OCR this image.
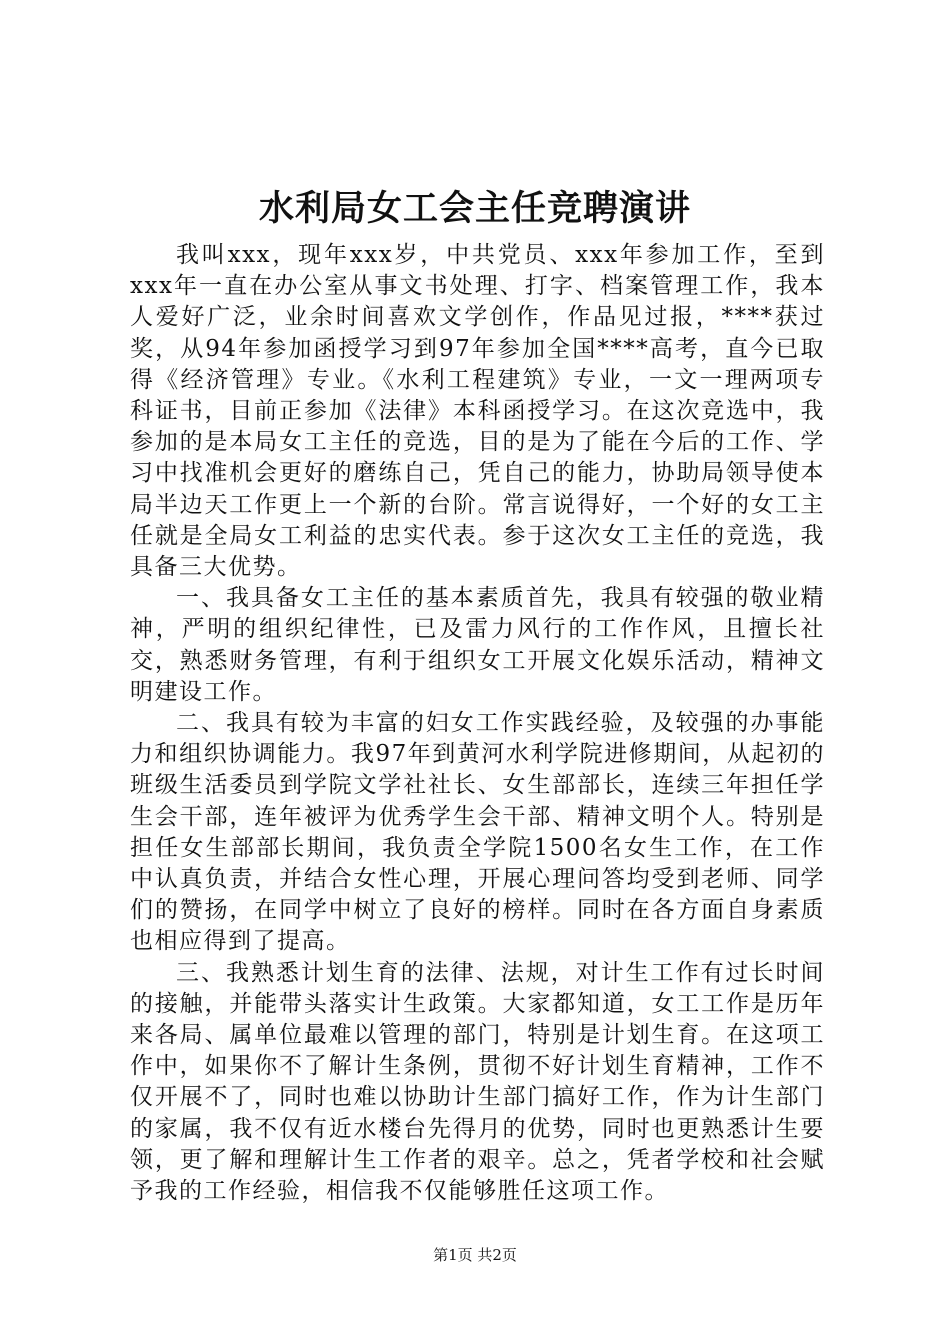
水利局女工会主任竞聘演讲

我叫xxx，现年xxx岁，中共党员、xxx年参加工作，至到xxx年一直在办公室从事文书处理、打字、档案管理工作，我本人爱好广泛，业余时间喜欢文学创作，作品见过报，****获过奖，从94年参加函授学习到97年参加全国****高考，直今已取得《经济管理》专业。《水利工程建筑》专业，一文一理两项专科证书，目前正参加《法律》本科函授学习。在这次竞选中，我参加的是本局女工主任的竞选，目的是为了能在今后的工作、学习中找准机会更好的磨练自己，凭自己的能力，协助局领导使本局半边天工作更上一个新的台阶。常言说得好，一个好的女工主任就是全局女工利益的忠实代表。参于这次女工主任的竞选，我具备三大优势。

一、我具备女工主任的基本素质首先，我具有较强的敬业精神，严明的组织纪律性，已及雷力风行的工作作风，且擅长社交，熟悉财务管理，有利于组织女工开展文化娱乐活动，精神文明建设工作。

二、我具有较为丰富的妇女工作实践经验，及较强的办事能力和组织协调能力。我97年到黄河水利学院进修期间，从起初的班级生活委员到学院文学社社长、女生部部长，连续三年担任学生会干部，连年被评为优秀学生会干部、精神文明个人。特别是担任女生部部长期间，我负责全学院1500名女生工作，在工作中认真负责，并结合女性心理，开展心理问答均受到老师、同学们的赞扬，在同学中树立了良好的榜样。同时在各方面自身素质也相应得到了提高。

三、我熟悉计划生育的法律、法规，对计生工作有过长时间的接触，并能带头落实计生政策。大家都知道，女工工作是历年来各局、属单位最难以管理的部门，特别是计划生育。在这项工作中，如果你不了解计生条例，贯彻不好计划生育精神，工作不仅开展不了，同时也难以协助计生部门搞好工作，作为计生部门的家属，我不仅有近水楼台先得月的优势，同时也更熟悉计生要领，更了解和理解计生工作者的艰辛。总之，凭者学校和社会赋予我的工作经验，相信我不仅能够胜任这项工作。

第1页 共2页
